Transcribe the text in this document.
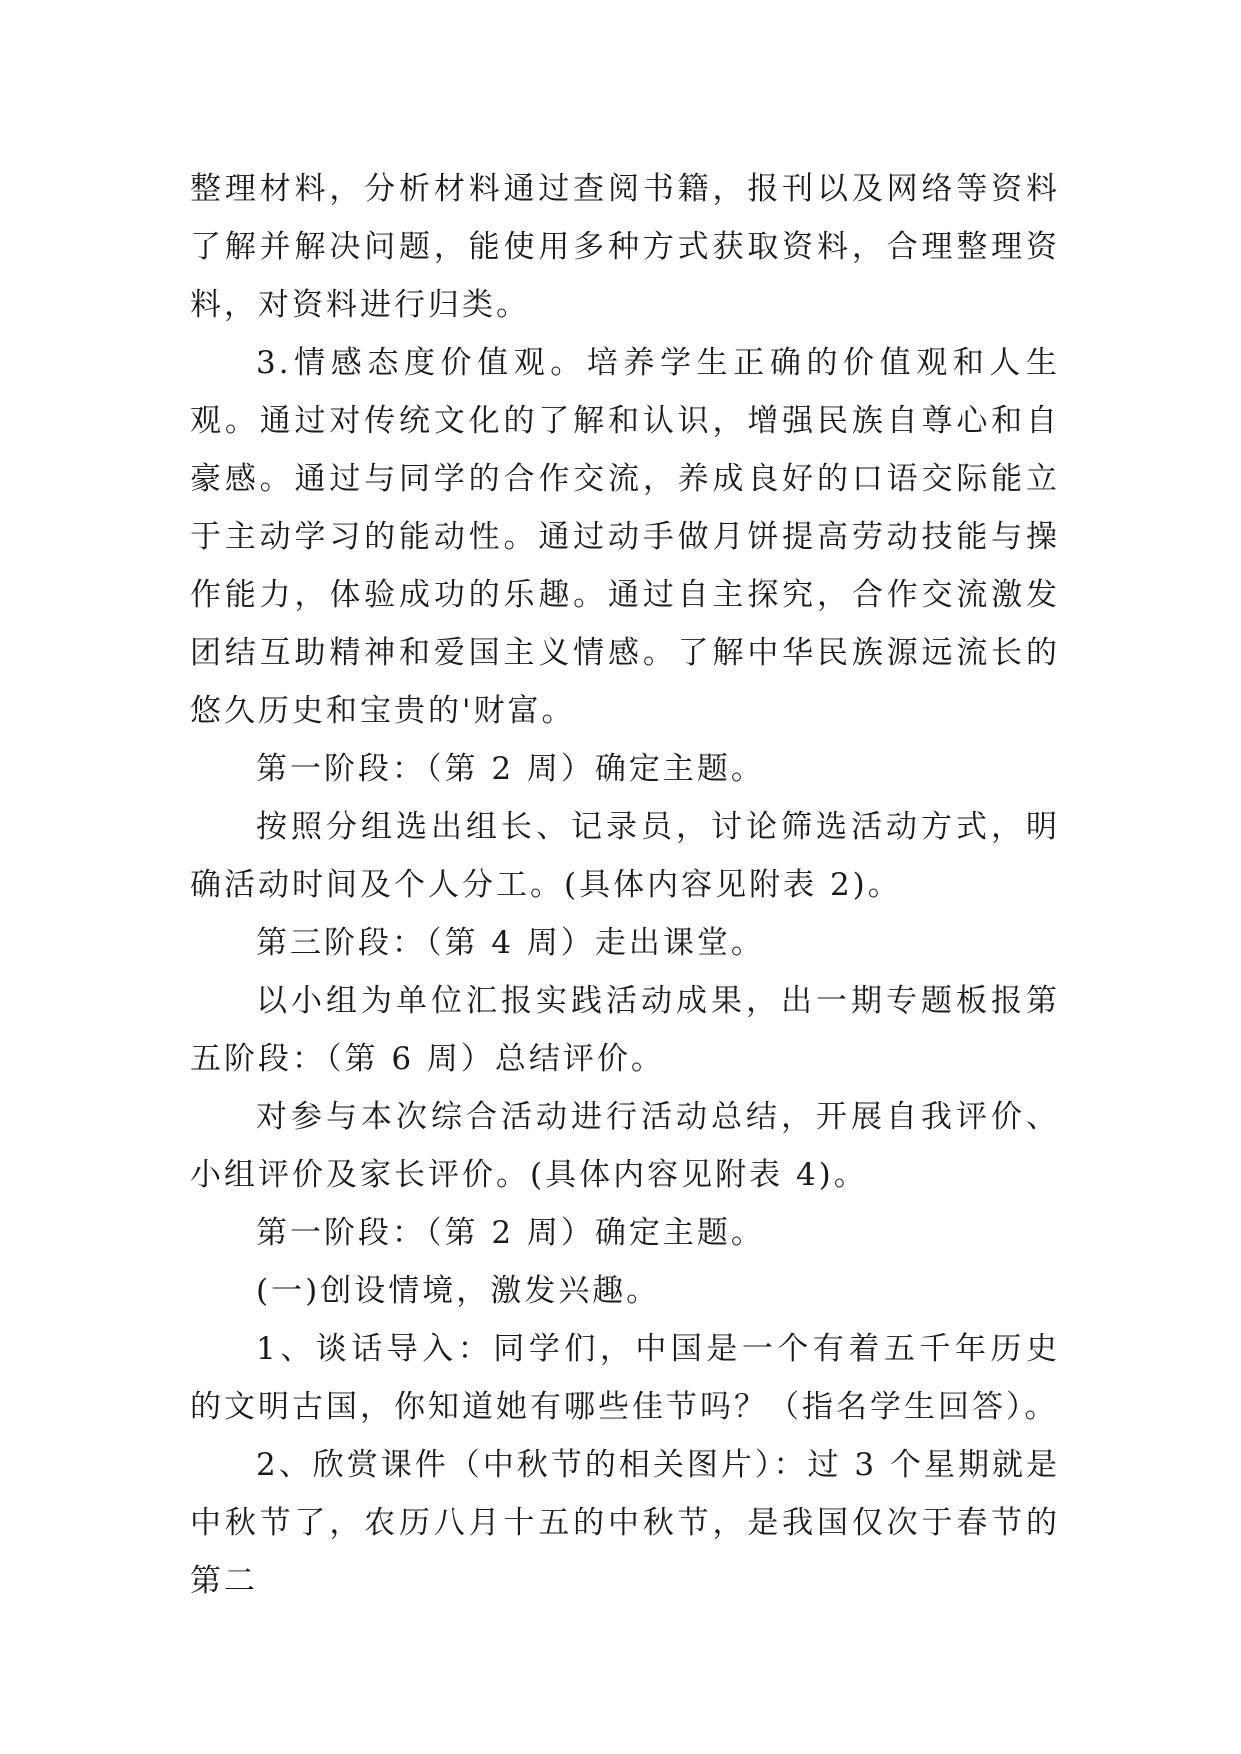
整理材料，分析材料通过查阅书籍，报刊以及网络等资料了解并解决问题，能使用多种方式获取资料，合理整理资料，对资料进行归类。

3.情感态度价值观。培养学生正确的价值观和人生观。通过对传统文化的了解和认识，增强民族自尊心和自豪感。通过与同学的合作交流，养成良好的口语交际能立于主动学习的能动性。通过动手做月饼提高劳动技能与操作能力，体验成功的乐趣。通过自主探究，合作交流激发团结互助精神和爱国主义情感。了解中华民族源远流长的悠久历史和宝贵的'财富。

第一阶段：（第 2 周）确定主题。

按照分组选出组长、记录员，讨论筛选活动方式，明确活动时间及个人分工。(具体内容见附表 2)。

第三阶段：（第 4 周）走出课堂。

以小组为单位汇报实践活动成果，出一期专题板报第五阶段：（第 6 周）总结评价。

对参与本次综合活动进行活动总结，开展自我评价、小组评价及家长评价。(具体内容见附表 4)。

第一阶段：（第 2 周）确定主题。

(一)创设情境，激发兴趣。

1、谈话导入：同学们，中国是一个有着五千年历史的文明古国，你知道她有哪些佳节吗？（指名学生回答）。

2、欣赏课件（中秋节的相关图片）：过 3 个星期就是中秋节了，农历八月十五的中秋节，是我国仅次于春节的第二
